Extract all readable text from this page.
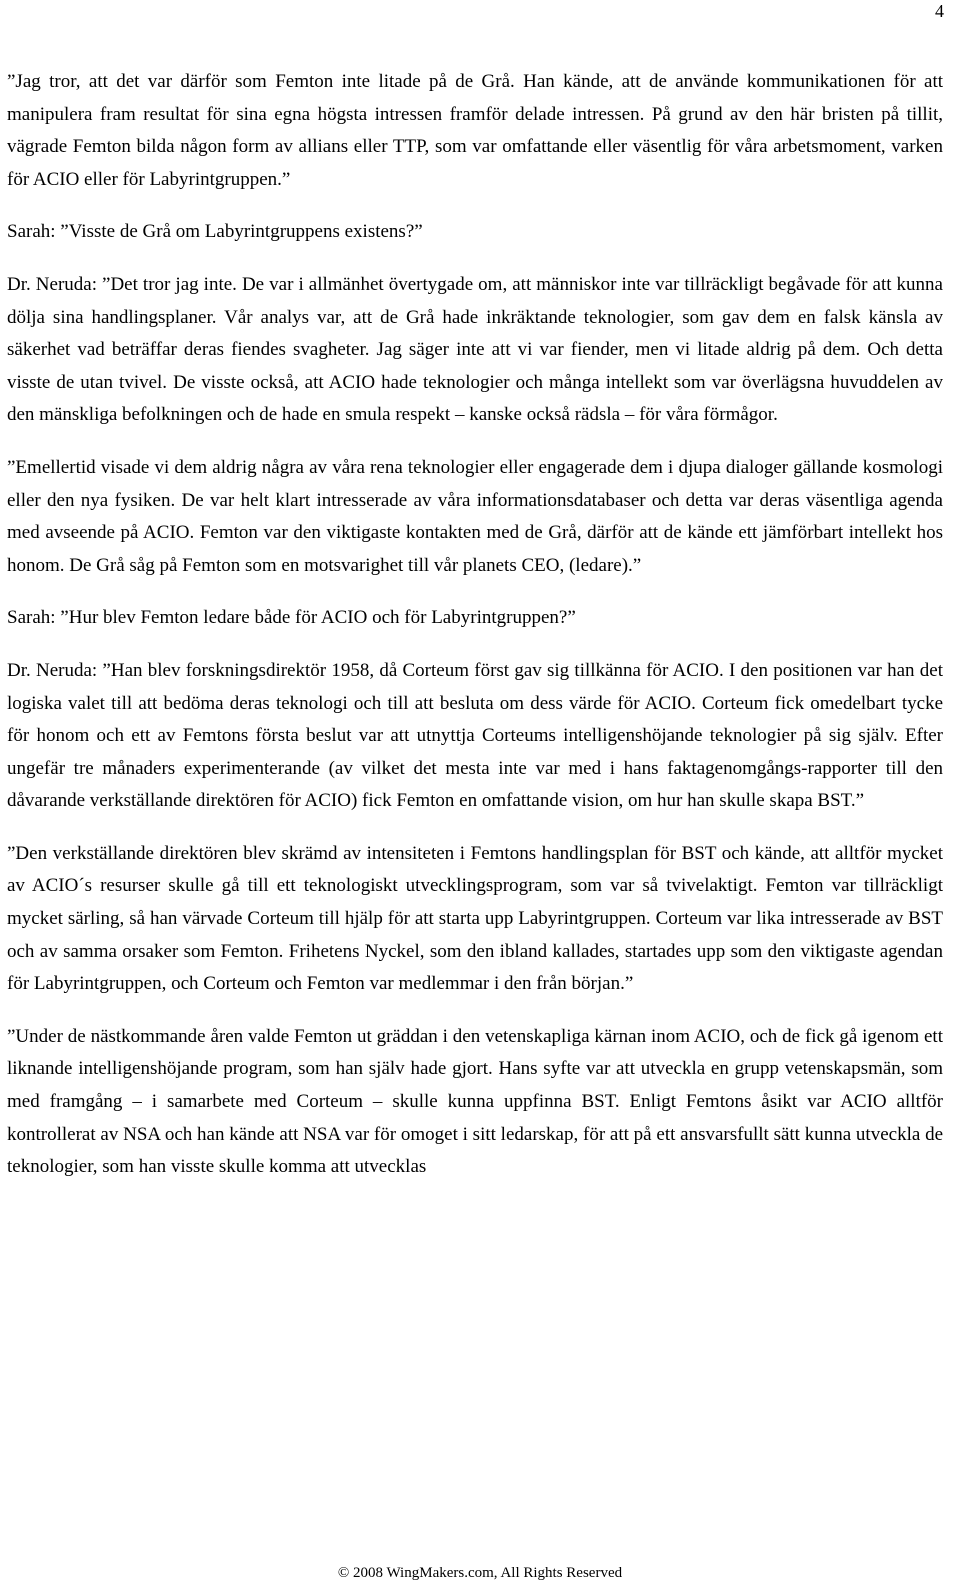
4

”Jag tror, att det var därför som Femton inte litade på de Grå. Han kände, att de använde kommunikationen för att manipulera fram resultat för sina egna högsta intressen framför delade intressen. På grund av den här bristen på tillit, vägrade Femton bilda någon form av allians eller TTP, som var omfattande eller väsentlig för våra arbetsmoment, varken för ACIO eller för Labyrintgruppen.”

Sarah: ”Visste de Grå om Labyrintgruppens existens?”

Dr. Neruda: ”Det tror jag inte. De var i allmänhet övertygade om, att människor inte var tillräckligt begåvade för att kunna dölja sina handlingsplaner. Vår analys var, att de Grå hade inkräktande teknologier, som gav dem en falsk känsla av säkerhet vad beträffar deras fiendes svagheter. Jag säger inte att vi var fiender, men vi litade aldrig på dem. Och detta visste de utan tvivel. De visste också, att ACIO hade teknologier och många intellekt som var överlägsna huvuddelen av den mänskliga befolkningen och de hade en smula respekt – kanske också rädsla – för våra förmågor.

”Emellertid visade vi dem aldrig några av våra rena teknologier eller engagerade dem i djupa dialoger gällande kosmologi eller den nya fysiken. De var helt klart intresserade av våra informationsdatabaser och detta var deras väsentliga agenda med avseende på ACIO. Femton var den viktigaste kontakten med de Grå, därför att de kände ett jämförbart intellekt hos honom. De Grå såg på Femton som en motsvarighet till vår planets CEO, (ledare).”

Sarah: ”Hur blev Femton ledare både för ACIO och för Labyrintgruppen?”

Dr. Neruda: ”Han blev forskningsdirektör 1958, då Corteum först gav sig tillkänna för ACIO. I den positionen var han det logiska valet till att bedöma deras teknologi och till att besluta om dess värde för ACIO. Corteum fick omedelbart tycke för honom och ett av Femtons första beslut var att utnyttja Corteums intelligenshöjande teknologier på sig själv. Efter ungefär tre månaders experimenterande (av vilket det mesta inte var med i hans faktagenomgångs-rapporter till den dåvarande verkställande direktören för ACIO) fick Femton en omfattande vision, om hur han skulle skapa BST.”

”Den verkställande direktören blev skrämd av intensiteten i Femtons handlingsplan för BST och kände, att alltför mycket av ACIO´s resurser skulle gå till ett teknologiskt utvecklingsprogram, som var så tvivelaktigt. Femton var tillräckligt mycket särling, så han värvade Corteum till hjälp för att starta upp Labyrintgruppen. Corteum var lika intresserade av BST och av samma orsaker som Femton. Frihetens Nyckel, som den ibland kallades, startades upp som den viktigaste agendan för Labyrintgruppen, och Corteum och Femton var medlemmar i den från början.”

”Under de nästkommande åren valde Femton ut gräddan i den vetenskapliga kärnan inom ACIO, och de fick gå igenom ett liknande intelligenshöjande program, som han själv hade gjort. Hans syfte var att utveckla en grupp vetenskapsmän, som med framgång – i samarbete med Corteum – skulle kunna uppfinna BST. Enligt Femtons åsikt var ACIO alltför kontrollerat av NSA och han kände att NSA var för omoget i sitt ledarskap, för att på ett ansvarsfullt sätt kunna utveckla de teknologier, som han visste skulle komma att utvecklas

© 2008 WingMakers.com, All Rights Reserved
